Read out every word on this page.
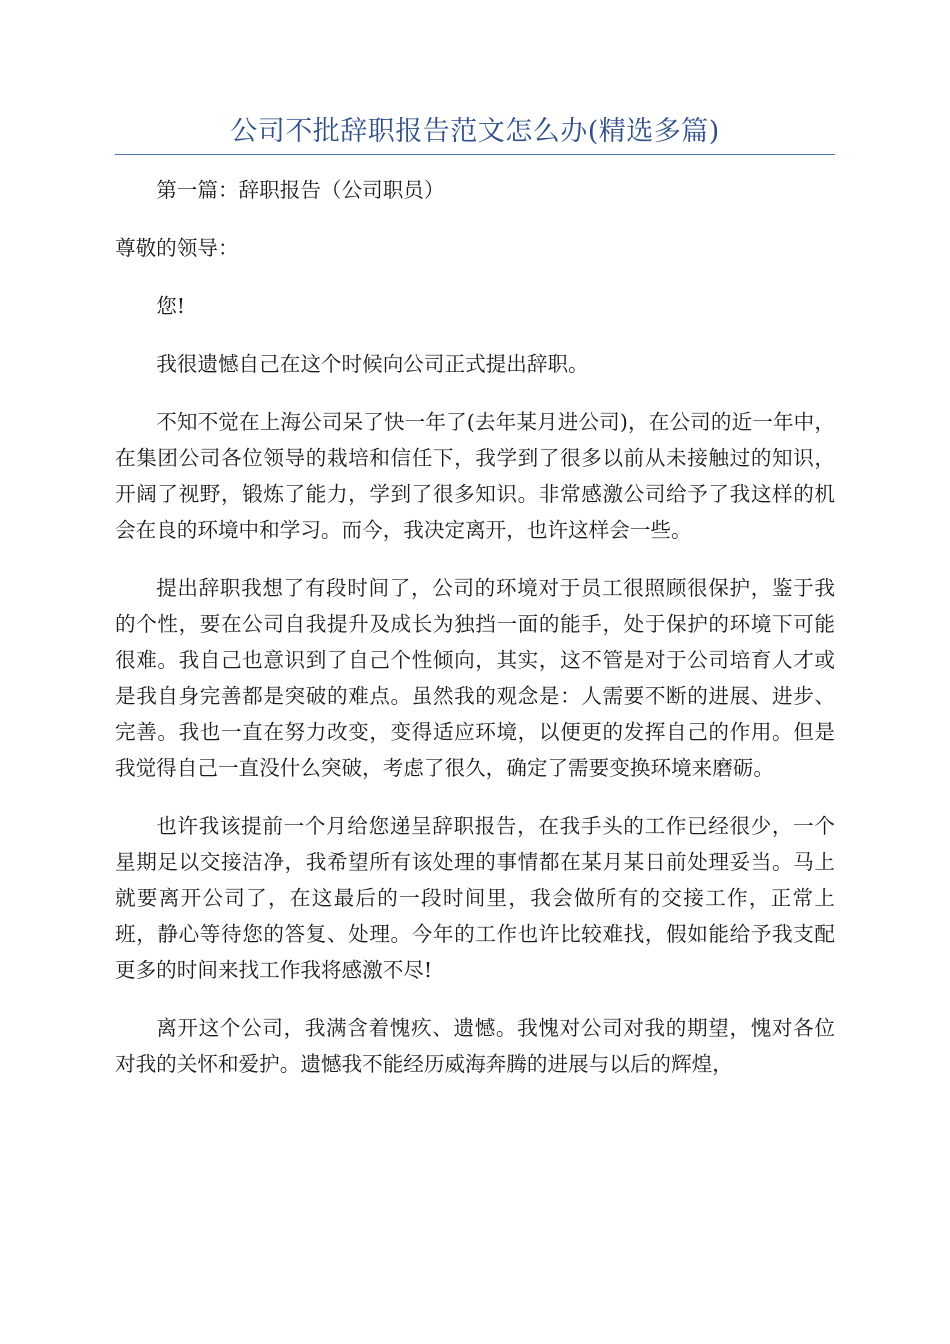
公司不批辞职报告范文怎么办(精选多篇)

第一篇：辞职报告（公司职员）

尊敬的领导：

您!

我很遗憾自己在这个时候向公司正式提出辞职。

不知不觉在上海公司呆了快一年了(去年某月进公司)，在公司的近一年中，在集团公司各位领导的栽培和信任下，我学到了很多以前从未接触过的知识，开阔了视野，锻炼了能力，学到了很多知识。非常感激公司给予了我这样的机会在良的环境中和学习。而今，我决定离开，也许这样会一些。

提出辞职我想了有段时间了，公司的环境对于员工很照顾很保护，鉴于我的个性，要在公司自我提升及成长为独挡一面的能手，处于保护的环境下可能很难。我自己也意识到了自己个性倾向，其实，这不管是对于公司培育人才或是我自身完善都是突破的难点。虽然我的观念是：人需要不断的进展、进步、完善。我也一直在努力改变，变得适应环境，以便更的发挥自己的作用。但是我觉得自己一直没什么突破，考虑了很久，确定了需要变换环境来磨砺。

也许我该提前一个月给您递呈辞职报告，在我手头的工作已经很少，一个星期足以交接洁净，我希望所有该处理的事情都在某月某日前处理妥当。马上就要离开公司了，在这最后的一段时间里，我会做所有的交接工作，正常上班，静心等待您的答复、处理。今年的工作也许比较难找，假如能给予我支配更多的时间来找工作我将感激不尽!

离开这个公司，我满含着愧疚、遗憾。我愧对公司对我的期望，愧对各位对我的关怀和爱护。遗憾我不能经历威海奔腾的进展与以后的辉煌，
